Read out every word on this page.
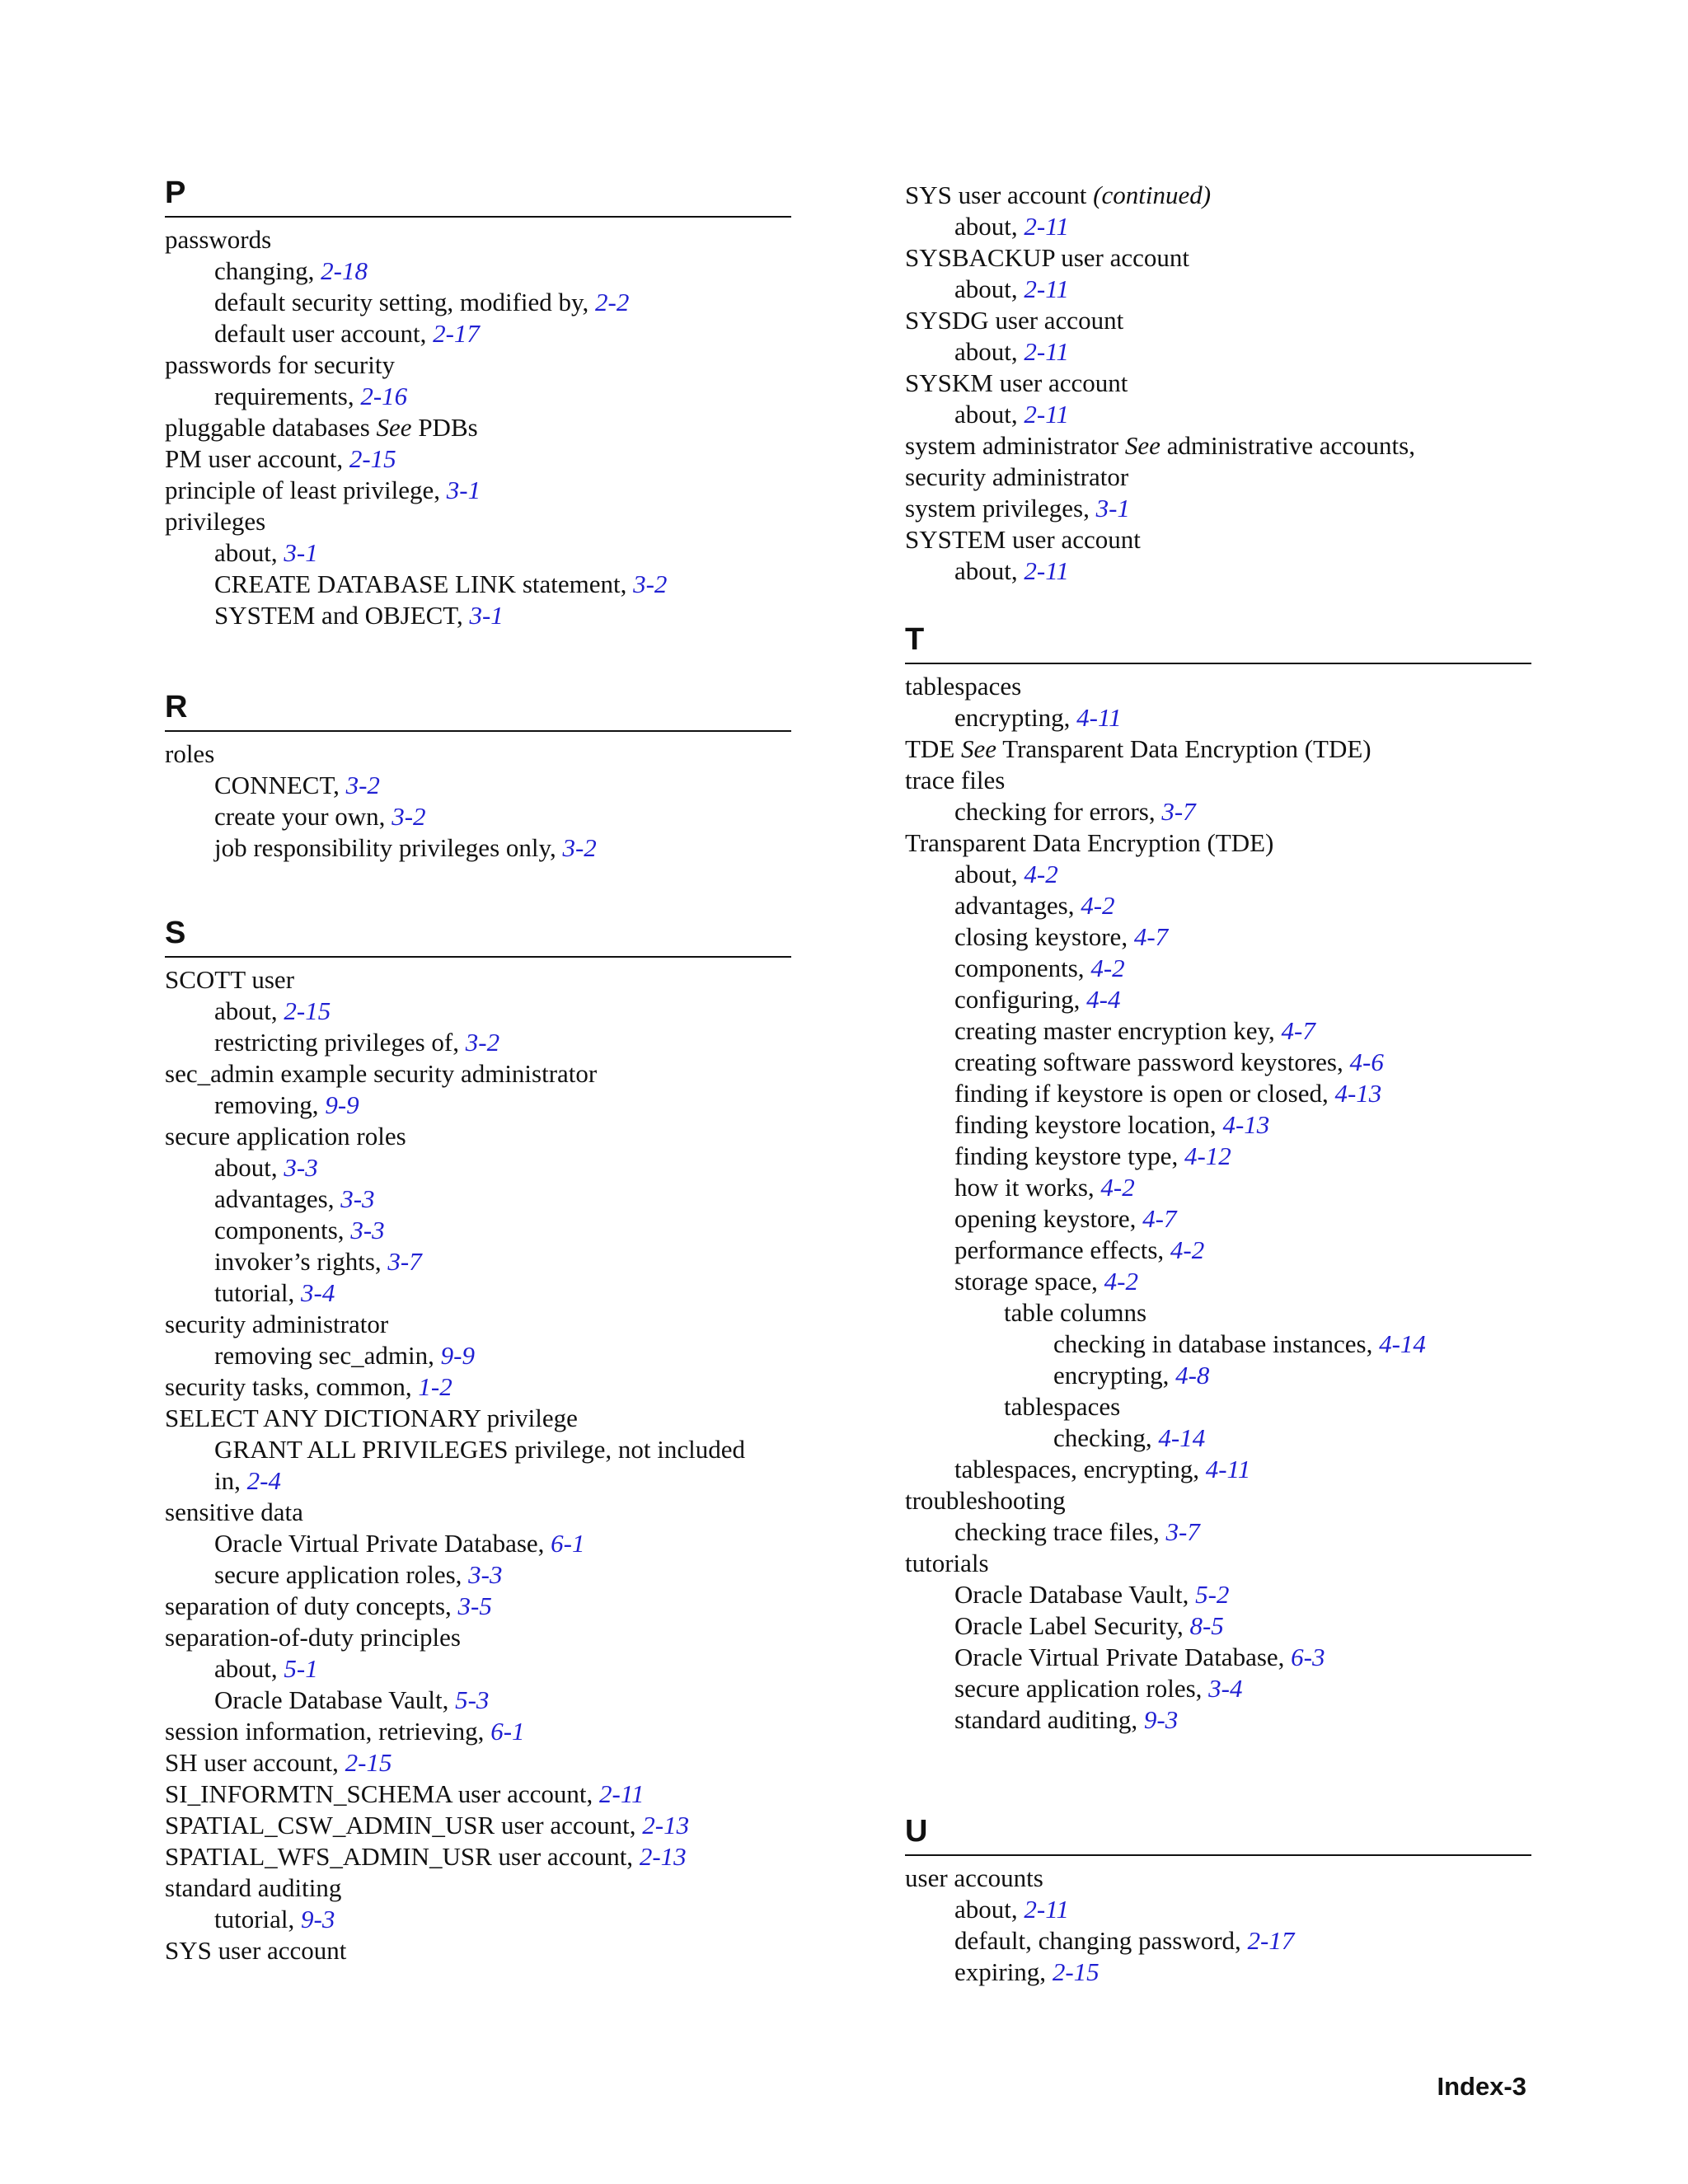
P

passwords

changing, 2-18

default security setting, modified by, 2-2

default user account, 2-17

passwords for security

requirements, 2-16

pluggable databases See PDBs

PM user account, 2-15

principle of least privilege, 3-1

privileges

about, 3-1

CREATE DATABASE LINK statement, 3-2

SYSTEM and OBJECT, 3-1

R

roles

CONNECT, 3-2

create your own, 3-2

job responsibility privileges only, 3-2

S

SCOTT user

about, 2-15

restricting privileges of, 3-2

sec_admin example security administrator

removing, 9-9

secure application roles

about, 3-3

advantages, 3-3

components, 3-3

invoker’s rights, 3-7

tutorial, 3-4

security administrator

removing sec_admin, 9-9

security tasks, common, 1-2

SELECT ANY DICTIONARY privilege

GRANT ALL PRIVILEGES privilege, not included

in, 2-4

sensitive data

Oracle Virtual Private Database, 6-1

secure application roles, 3-3

separation of duty concepts, 3-5

separation-of-duty principles

about, 5-1

Oracle Database Vault, 5-3

session information, retrieving, 6-1

SH user account, 2-15

SI_INFORMTN_SCHEMA user account, 2-11

SPATIAL_CSW_ADMIN_USR user account, 2-13

SPATIAL_WFS_ADMIN_USR user account, 2-13

standard auditing

tutorial, 9-3

SYS user account

SYS user account (continued)

about, 2-11

SYSBACKUP user account

about, 2-11

SYSDG user account

about, 2-11

SYSKM user account

about, 2-11

system administrator See administrative accounts,

security administrator

system privileges, 3-1

SYSTEM user account

about, 2-11

T

tablespaces

encrypting, 4-11

TDE See Transparent Data Encryption (TDE)

trace files

checking for errors, 3-7

Transparent Data Encryption (TDE)

about, 4-2

advantages, 4-2

closing keystore, 4-7

components, 4-2

configuring, 4-4

creating master encryption key, 4-7

creating software password keystores, 4-6

finding if keystore is open or closed, 4-13

finding keystore location, 4-13

finding keystore type, 4-12

how it works, 4-2

opening keystore, 4-7

performance effects, 4-2

storage space, 4-2

table columns

checking in database instances, 4-14

encrypting, 4-8

tablespaces

checking, 4-14

tablespaces, encrypting, 4-11

troubleshooting

checking trace files, 3-7

tutorials

Oracle Database Vault, 5-2

Oracle Label Security, 8-5

Oracle Virtual Private Database, 6-3

secure application roles, 3-4

standard auditing, 9-3

U

user accounts

about, 2-11

default, changing password, 2-17

expiring, 2-15

Index-3
